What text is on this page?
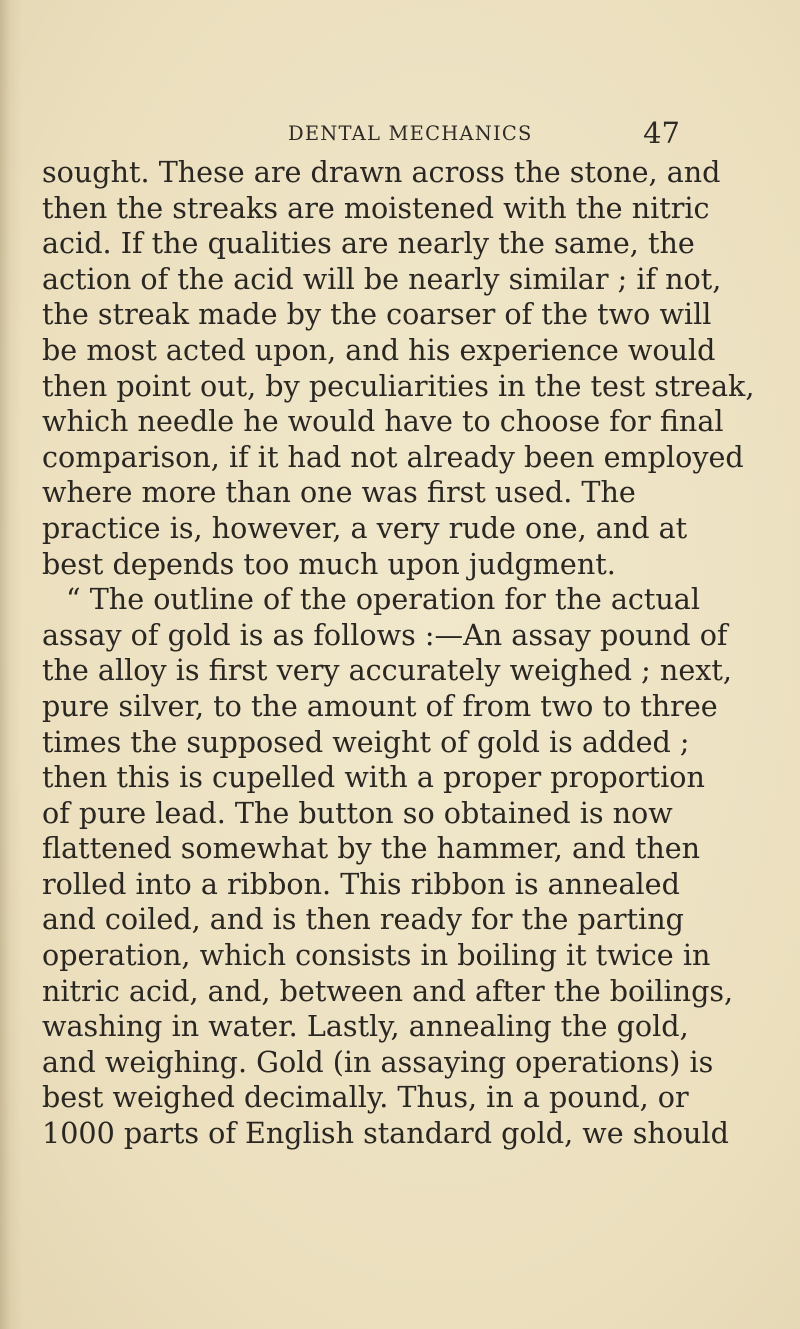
DENTAL MECHANICS	47
sought. These are drawn across the stone, and
then the streaks are moistened with the nitric
acid. If the qualities are nearly the same, the
action of the acid will be nearly similar ; if not,
the streak made by the coarser of the two will
be most acted upon, and his experience would
then point out, by peculiarities in the test streak,
which needle he would have to choose for final
comparison, if it had not already been employed
where more than one was first used. The
practice is, however, a very rude one, and at
best depends too much upon judgment.
“ The outline of the operation for the actual
assay of gold is as follows :—An assay pound of
the alloy is first very accurately weighed ; next,
pure silver, to the amount of from two to three
times the supposed weight of gold is added ;
then this is cupelled with a proper proportion
of pure lead. The button so obtained is now
flattened somewhat by the hammer, and then
rolled into a ribbon. This ribbon is annealed
and coiled, and is then ready for the parting
operation, which consists in boiling it twice in
nitric acid, and, between and after the boilings,
washing in water. Lastly, annealing the gold,
and weighing. Gold (in assaying operations) is
best weighed decimally. Thus, in a pound, or
1000 parts of English standard gold, we should
